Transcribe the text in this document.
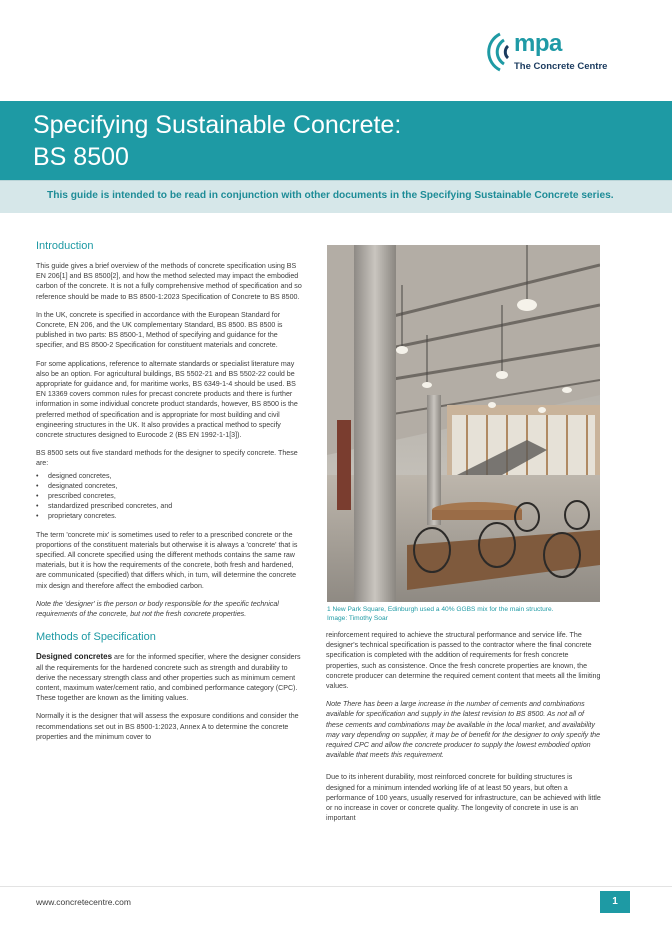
mpa
The Concrete Centre
Specifying Sustainable Concrete:
BS 8500
This guide is intended to be read in conjunction with other documents in the Specifying Sustainable Concrete series.
Introduction

This guide gives a brief overview of the methods of concrete specification using BS EN 206[1] and BS 8500[2], and how the method selected may impact the embodied carbon of the concrete. It is not a fully comprehensive method of specification and so reference should be made to BS 8500-1:2023 Specification of Concrete to BS 8500.

In the UK, concrete is specified in accordance with the European Standard for Concrete, EN 206, and the UK complementary Standard, BS 8500. BS 8500 is published in two parts: BS 8500-1, Method of specifying and guidance for the specifier, and BS 8500-2 Specification for constituent materials and concrete.

For some applications, reference to alternate standards or specialist literature may also be an option. For agricultural buildings, BS 5502-21 and BS 5502-22 could be appropriate for guidance and, for maritime works, BS 6349-1-4 should be used. BS EN 13369 covers common rules for precast concrete products and there is further information in some individual concrete product standards, however, BS 8500 is the preferred method of specification and is appropriate for most building and civil engineering structures in the UK. It also provides a practical method to specify concrete structures designed to Eurocode 2 (BS EN 1992-1-1[3]).

BS 8500 sets out five standard methods for the designer to specify concrete. These are:

• designed concretes,
• designated concretes,
• prescribed concretes,
• standardized prescribed concretes, and
• proprietary concretes.

The term 'concrete mix' is sometimes used to refer to a prescribed concrete or the proportions of the constituent materials but otherwise it is always a 'concrete' that is specified. All concrete specified using the different methods contains the same raw materials, but it is how the requirements of the concrete, both fresh and hardened, are communicated (specified) that differs which, in turn, will determine the concrete mix design and therefore affect the embodied carbon.

Note the 'designer' is the person or body responsible for the specific technical requirements of the concrete, but not the fresh concrete properties.

Methods of Specification

Designed concretes are for the informed specifier, where the designer considers all the requirements for the hardened concrete such as strength and durability to derive the necessary strength class and other properties such as minimum cement content, maximum water/cement ratio, and combined performance category (CPC). These together are known as the limiting values.

Normally it is the designer that will assess the exposure conditions and consider the recommendations set out in BS 8500-1:2023, Annex A to determine the concrete properties and the minimum cover to

1 New Park Square, Edinburgh used a 40% GGBS mix for the main structure.
Image: Timothy Soar

reinforcement required to achieve the structural performance and service life. The designer's technical specification is passed to the contractor where the final concrete specification is completed with the addition of requirements for fresh concrete properties, such as consistence. Once the fresh concrete properties are known, the concrete producer can determine the required cement content that meets all the limiting values.

Note There has been a large increase in the number of cements and combinations available for specification and supply in the latest revision to BS 8500. As not all of these cements and combinations may be available in the local market, and availability may vary depending on supplier, it may be of benefit for the designer to only specify the required CPC and allow the concrete producer to supply the lowest embodied option available that meets this requirement.

Due to its inherent durability, most reinforced concrete for building structures is designed for a minimum intended working life of at least 50 years, but often a performance of 100 years, usually reserved for infrastructure, can be achieved with little or no increase in cover or concrete quality. The longevity of concrete in use is an important

www.concretecentre.com	1
